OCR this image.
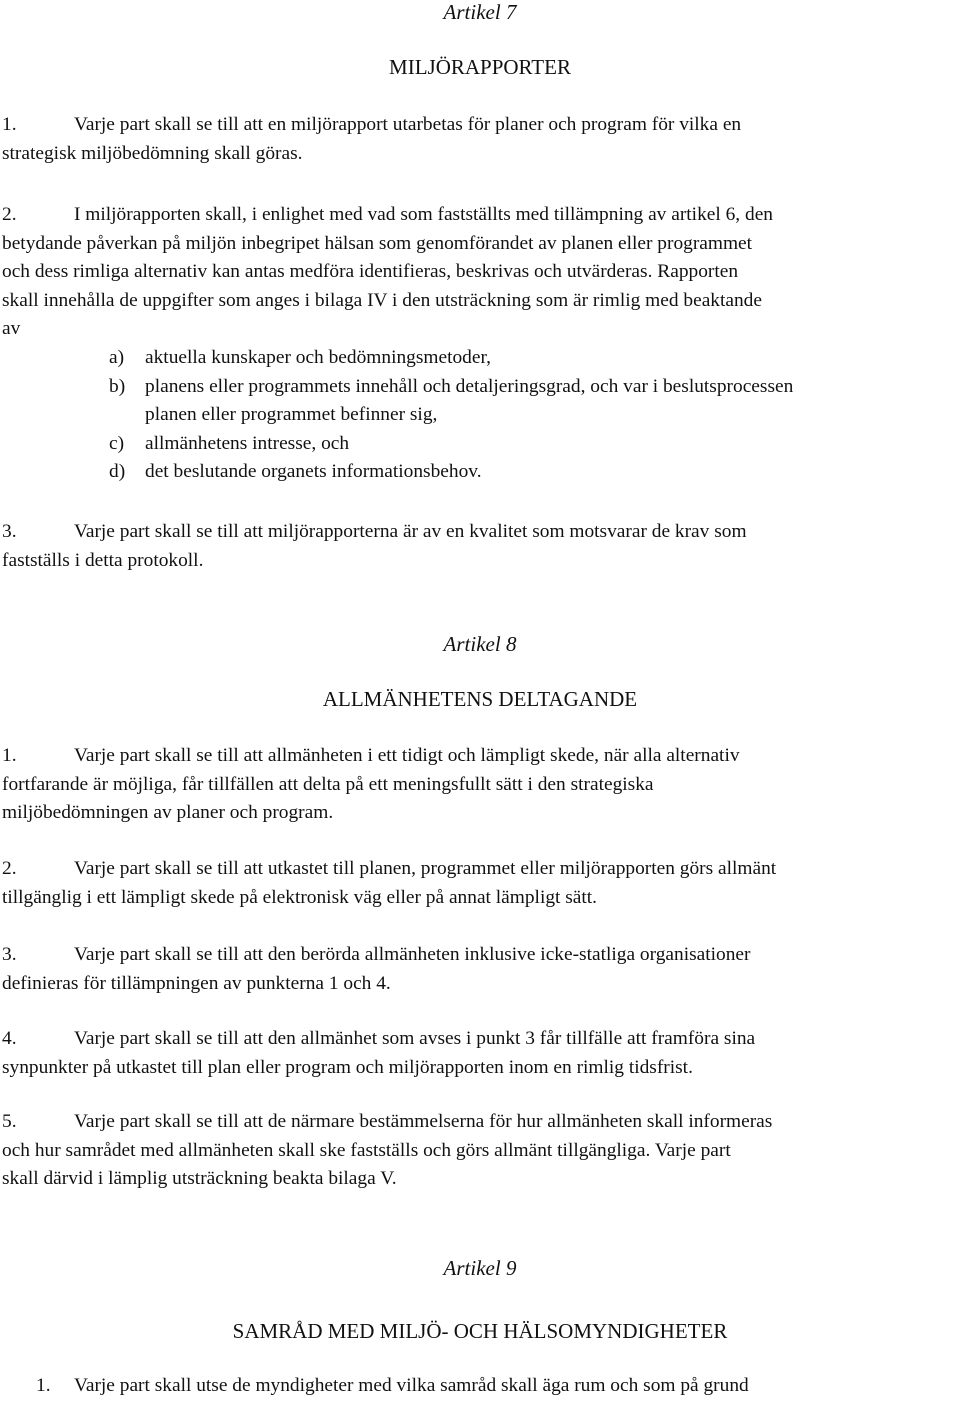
Artikel 7

MILJÖRAPPORTER
1.	Varje part skall se till att en miljörapport utarbetas för planer och program för vilka en
strategisk miljöbedömning skall göras.
2.	I miljörapporten skall, i enlighet med vad som fastställts med tillämpning av artikel 6, den
betydande påverkan på miljön inbegripet hälsan som genomförandet av planen eller programmet
och dess rimliga alternativ kan antas medföra identifieras, beskrivas och utvärderas. Rapporten
skall innehålla de uppgifter som anges i bilaga IV i den utsträckning som är rimlig med beaktande
av
a) aktuella kunskaper och bedömningsmetoder,
b) planens eller programmets innehåll och detaljeringsgrad, och var i beslutsprocessen
planen eller programmet befinner sig,
c) allmänhetens intresse, och
d) det beslutande organets informationsbehov.
3.	Varje part skall se till att miljörapporterna är av en kvalitet som motsvarar de krav som
fastställs i detta protokoll.

Artikel 8

ALLMÄNHETENS DELTAGANDE
1.	Varje part skall se till att allmänheten i ett tidigt och lämpligt skede, när alla alternativ
fortfarande är möjliga, får tillfällen att delta på ett meningsfullt sätt i den strategiska
miljöbedömningen av planer och program.
2.	Varje part skall se till att utkastet till planen, programmet eller miljörapporten görs allmänt
tillgänglig i ett lämpligt skede på elektronisk väg eller på annat lämpligt sätt.
3.	Varje part skall se till att den berörda allmänheten inklusive icke-statliga organisationer
definieras för tillämpningen av punkterna 1 och 4.
4.	Varje part skall se till att den allmänhet som avses i punkt 3 får tillfälle att framföra sina
synpunkter på utkastet till plan eller program och miljörapporten inom en rimlig tidsfrist.
5.	Varje part skall se till att de närmare bestämmelserna för hur allmänheten skall informeras
och hur samrådet med allmänheten skall ske fastställs och görs allmänt tillgängliga. Varje part
skall därvid i lämplig utsträckning beakta bilaga V.

Artikel 9

SAMRÅD MED MILJÖ- OCH HÄLSOMYNDIGHETER
1. Varje part skall utse de myndigheter med vilka samråd skall äga rum och som på grund
